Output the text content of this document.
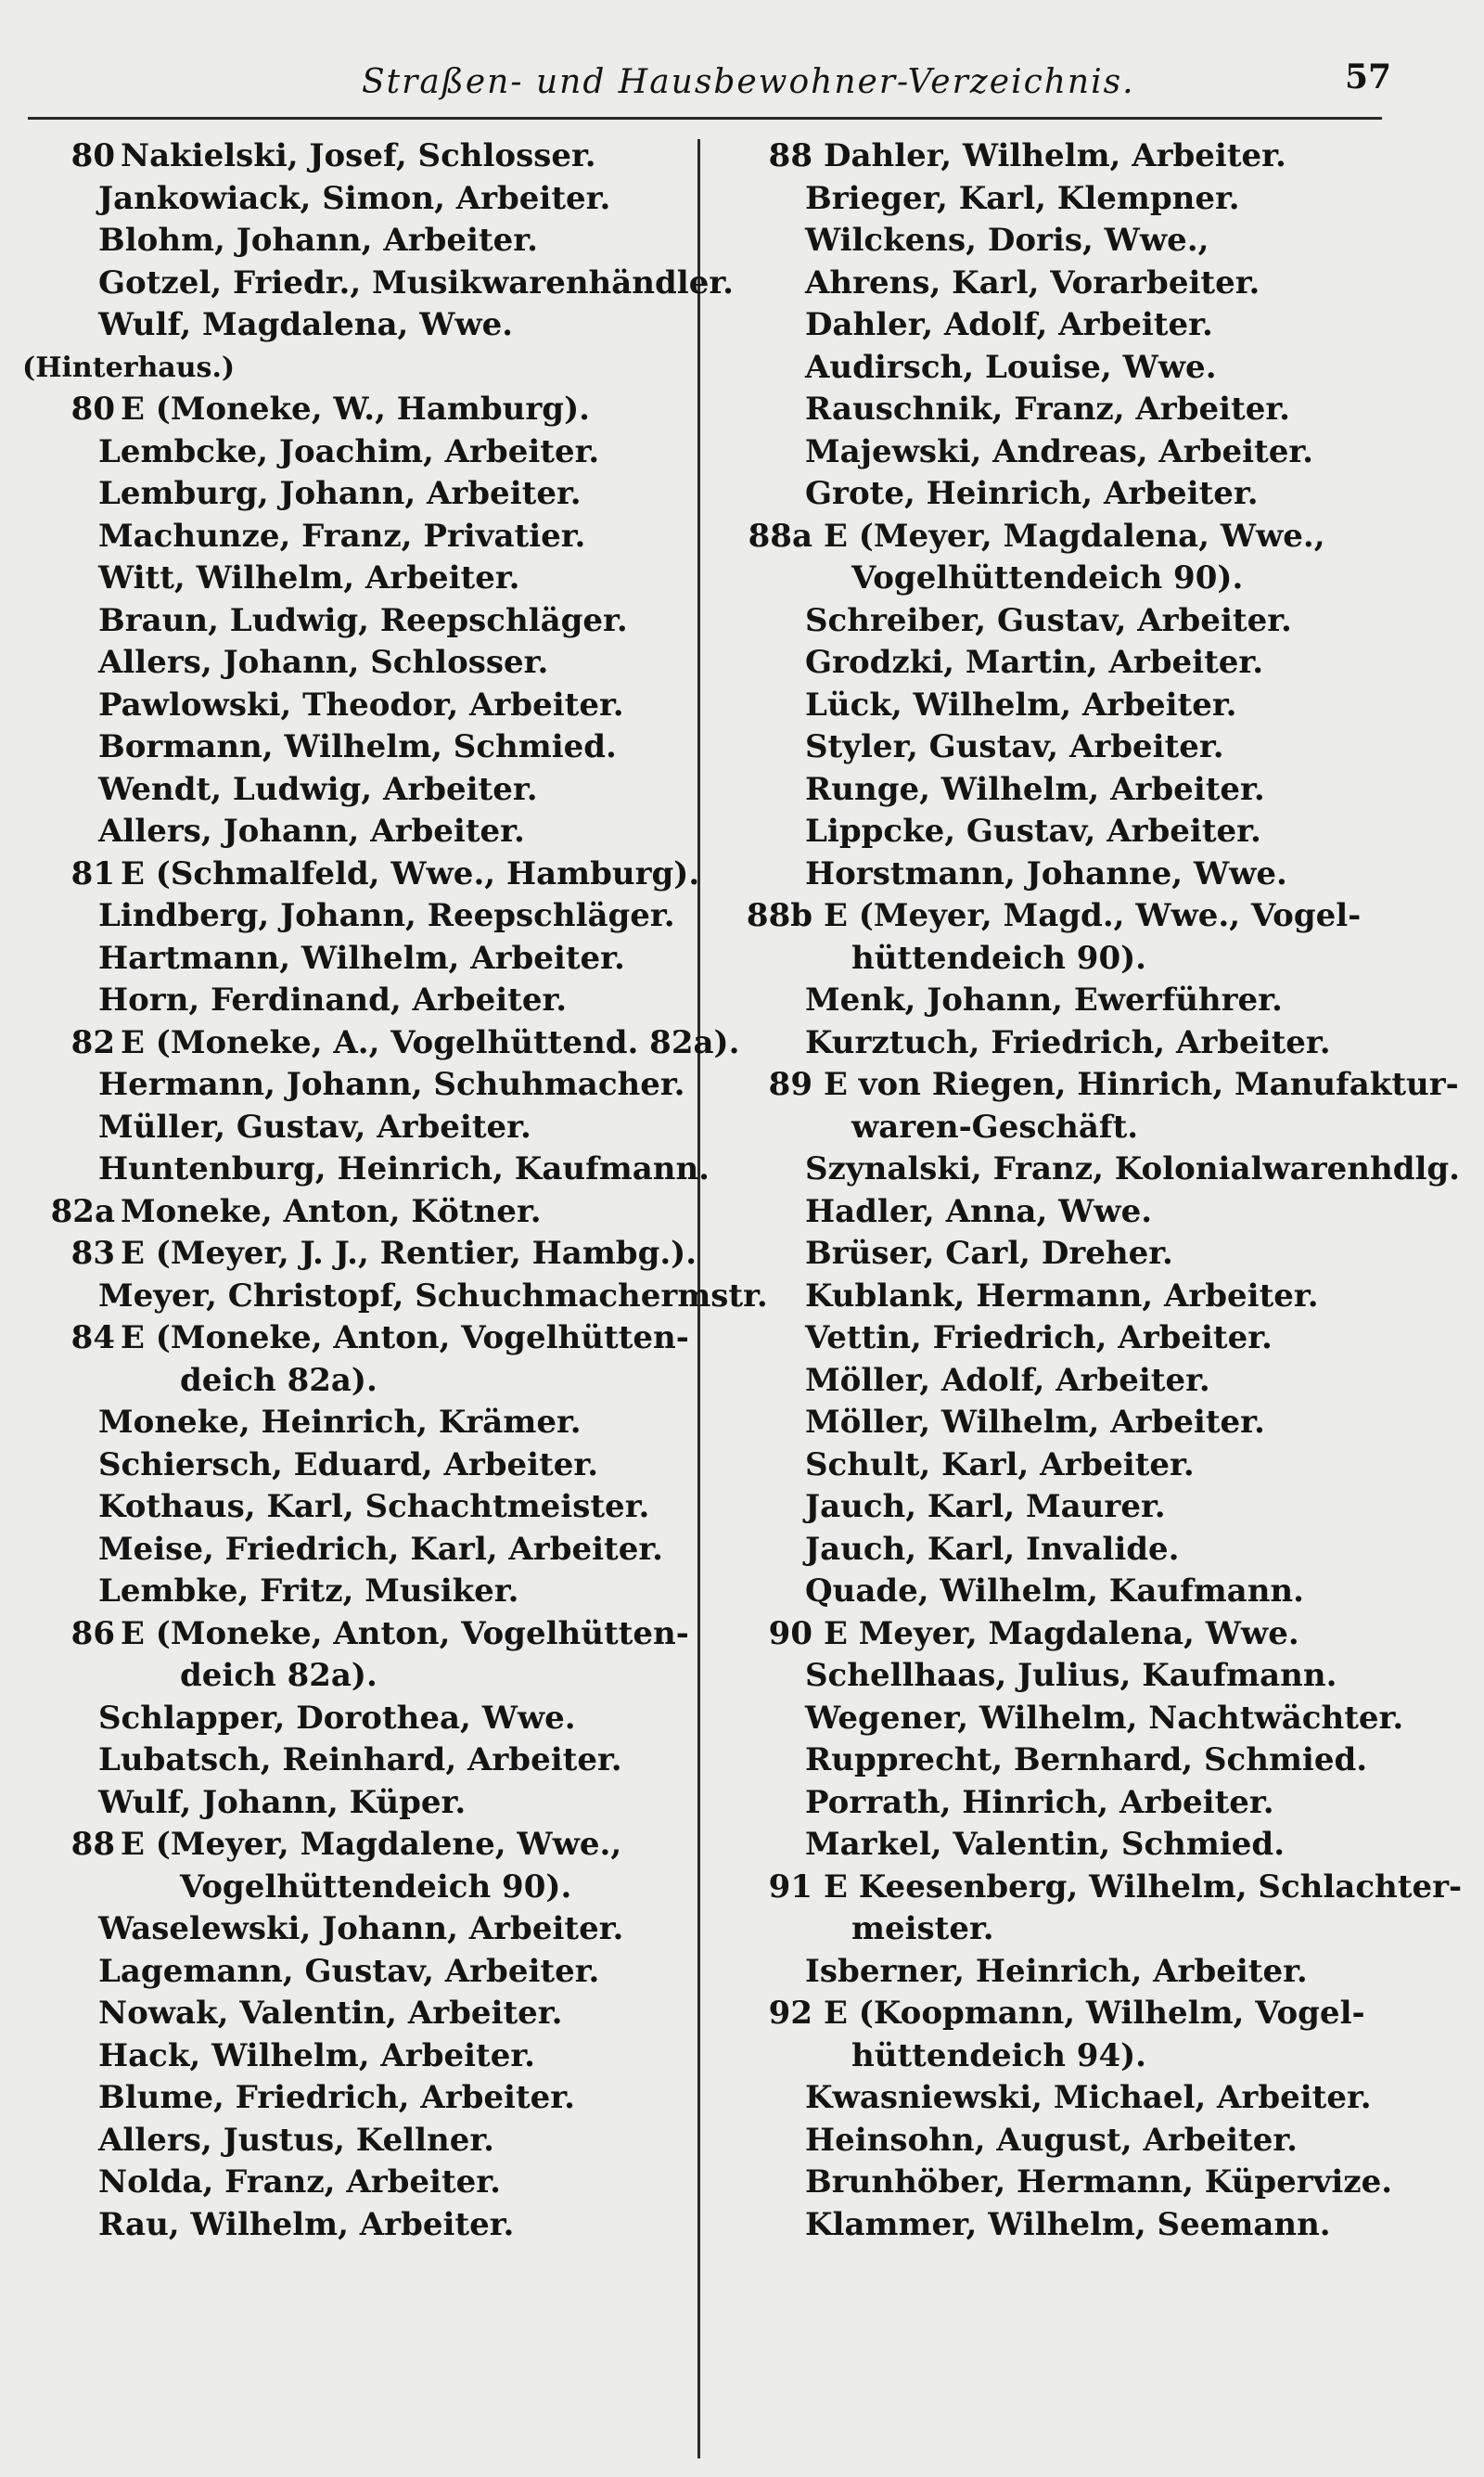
Straßen- und Hausbewohner-Verzeichnis.	57
80 Nakielski, Josef, Schlosser.
Jankowiack, Simon, Arbeiter.
Blohm, Johann, Arbeiter.
Gotzel, Friedr., Musikwarenhändler.
Wulf, Magdalena, Wwe.
(Hinterhaus.)
80 E (Moneke, W., Hamburg).
Lembcke, Joachim, Arbeiter.
Lemburg, Johann, Arbeiter.
Machunze, Franz, Privatier.
Witt, Wilhelm, Arbeiter.
Braun, Ludwig, Reepschläger.
Allers, Johann, Schlosser.
Pawlowski, Theodor, Arbeiter.
Bormann, Wilhelm, Schmied.
Wendt, Ludwig, Arbeiter.
Allers, Johann, Arbeiter.
81 E (Schmalfeld, Wwe., Hamburg).
Lindberg, Johann, Reepschläger.
Hartmann, Wilhelm, Arbeiter.
Horn, Ferdinand, Arbeiter.
82 E (Moneke, A., Vogelhüttend. 82a).
Hermann, Johann, Schuhmacher.
Müller, Gustav, Arbeiter.
Huntenburg, Heinrich, Kaufmann.
82a Moneke, Anton, Kötner.
83 E (Meyer, J. J., Rentier, Hambg.).
Meyer, Christopf, Schuchmachermstr.
84 E (Moneke, Anton, Vogelhütten-
deich 82a).
Moneke, Heinrich, Krämer.
Schiersch, Eduard, Arbeiter.
Kothaus, Karl, Schachtmeister.
Meise, Friedrich, Karl, Arbeiter.
Lembke, Fritz, Musiker.
86 E (Moneke, Anton, Vogelhütten-
deich 82a).
Schlapper, Dorothea, Wwe.
Lubatsch, Reinhard, Arbeiter.
Wulf, Johann, Küper.
88 E (Meyer, Magdalene, Wwe.,
Vogelhüttendeich 90).
Waselewski, Johann, Arbeiter.
Lagemann, Gustav, Arbeiter.
Nowak, Valentin, Arbeiter.
Hack, Wilhelm, Arbeiter.
Blume, Friedrich, Arbeiter.
Allers, Justus, Kellner.
Nolda, Franz, Arbeiter.
Rau, Wilhelm, Arbeiter.
88 Dahler, Wilhelm, Arbeiter.
Brieger, Karl, Klempner.
Wilckens, Doris, Wwe.,
Ahrens, Karl, Vorarbeiter.
Dahler, Adolf, Arbeiter.
Audirsch, Louise, Wwe.
Rauschnik, Franz, Arbeiter.
Majewski, Andreas, Arbeiter.
Grote, Heinrich, Arbeiter.
88a E (Meyer, Magdalena, Wwe.,
Vogelhüttendeich 90).
Schreiber, Gustav, Arbeiter.
Grodzki, Martin, Arbeiter.
Lück, Wilhelm, Arbeiter.
Styler, Gustav, Arbeiter.
Runge, Wilhelm, Arbeiter.
Lippcke, Gustav, Arbeiter.
Horstmann, Johanne, Wwe.
88b E (Meyer, Magd., Wwe., Vogel-
hüttendeich 90).
Menk, Johann, Ewerführer.
Kurztuch, Friedrich, Arbeiter.
89 E von Riegen, Hinrich, Manufaktur-
waren-Geschäft.
Szynalski, Franz, Kolonialwarenhdlg.
Hadler, Anna, Wwe.
Brüser, Carl, Dreher.
Kublank, Hermann, Arbeiter.
Vettin, Friedrich, Arbeiter.
Möller, Adolf, Arbeiter.
Möller, Wilhelm, Arbeiter.
Schult, Karl, Arbeiter.
Jauch, Karl, Maurer.
Jauch, Karl, Invalide.
Quade, Wilhelm, Kaufmann.
90 E Meyer, Magdalena, Wwe.
Schellhaas, Julius, Kaufmann.
Wegener, Wilhelm, Nachtwächter.
Rupprecht, Bernhard, Schmied.
Porrath, Hinrich, Arbeiter.
Markel, Valentin, Schmied.
91 E Keesenberg, Wilhelm, Schlachter-
meister.
Isberner, Heinrich, Arbeiter.
92 E (Koopmann, Wilhelm, Vogel-
hüttendeich 94).
Kwasniewski, Michael, Arbeiter.
Heinsohn, August, Arbeiter.
Brunhöber, Hermann, Küpervize.
Klammer, Wilhelm, Seemann.
